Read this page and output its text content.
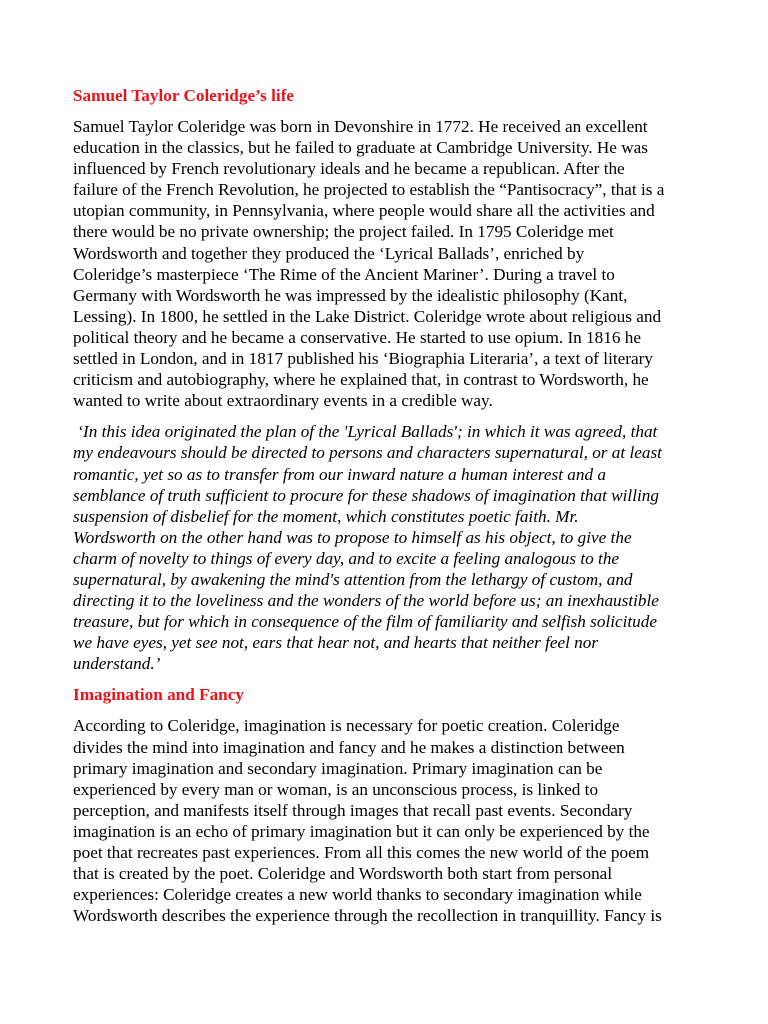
Samuel Taylor Coleridge’s life
Samuel Taylor Coleridge was born in Devonshire in 1772. He received an excellent
education in the classics, but he failed to graduate at Cambridge University. He was
influenced by French revolutionary ideals and he became a republican. After the
failure of the French Revolution, he projected to establish the “Pantisocracy”, that is a
utopian community, in Pennsylvania, where people would share all the activities and
there would be no private ownership; the project failed. In 1795 Coleridge met
Wordsworth and together they produced the ‘Lyrical Ballads’, enriched by
Coleridge’s masterpiece ‘The Rime of the Ancient Mariner’. During a travel to
Germany with Wordsworth he was impressed by the idealistic philosophy (Kant,
Lessing). In 1800, he settled in the Lake District. Coleridge wrote about religious and
political theory and he became a conservative. He started to use opium. In 1816 he
settled in London, and in 1817 published his ‘Biographia Literaria’, a text of literary
criticism and autobiography, where he explained that, in contrast to Wordsworth, he
wanted to write about extraordinary events in a credible way.
‘In this idea originated the plan of the 'Lyrical Ballads'; in which it was agreed, that
my endeavours should be directed to persons and characters supernatural, or at least
romantic, yet so as to transfer from our inward nature a human interest and a
semblance of truth sufficient to procure for these shadows of imagination that willing
suspension of disbelief for the moment, which constitutes poetic faith. Mr.
Wordsworth on the other hand was to propose to himself as his object, to give the
charm of novelty to things of every day, and to excite a feeling analogous to the
supernatural, by awakening the mind's attention from the lethargy of custom, and
directing it to the loveliness and the wonders of the world before us; an inexhaustible
treasure, but for which in consequence of the film of familiarity and selfish solicitude
we have eyes, yet see not, ears that hear not, and hearts that neither feel nor
understand.’
Imagination and Fancy
According to Coleridge, imagination is necessary for poetic creation. Coleridge
divides the mind into imagination and fancy and he makes a distinction between
primary imagination and secondary imagination. Primary imagination can be
experienced by every man or woman, is an unconscious process, is linked to
perception, and manifests itself through images that recall past events. Secondary
imagination is an echo of primary imagination but it can only be experienced by the
poet that recreates past experiences. From all this comes the new world of the poem
that is created by the poet. Coleridge and Wordsworth both start from personal
experiences: Coleridge creates a new world thanks to secondary imagination while
Wordsworth describes the experience through the recollection in tranquillity. Fancy is
